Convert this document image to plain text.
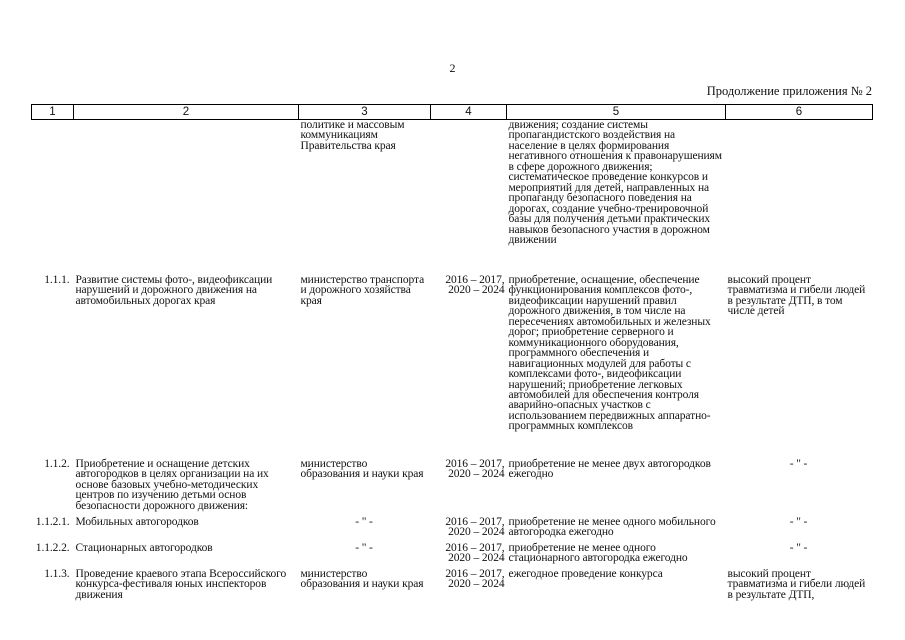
2
Продолжение приложения № 2
1	2	3	4	5	6
		политике и массовым коммуникациям Правительства края		движения; создание системы пропагандистского воздействия на население в целях формирования негативного отношения к правонарушениям в сфере дорожного движения; систематическое проведение конкурсов и мероприятий для детей, направленных на пропаганду безопасного поведения на дорогах, создание учебно-тренировочной базы для получения детьми практических навыков безопасного участия в дорожном движении	
1.1.1.	Развитие системы фото-, видеофиксации нарушений и дорожного движения на автомобильных дорогах края	министерство транспорта и дорожного хозяйства края	2016 – 2017, 2020 – 2024	приобретение, оснащение, обеспечение функционирования комплексов фото-, видеофиксации нарушений правил дорожного движения, в том числе на пересечениях автомобильных и железных дорог; приобретение серверного и коммуникационного оборудования, программного обеспечения и навигационных модулей для работы с комплексами фото-, видеофиксации нарушений; приобретение легковых автомобилей для обеспечения контроля аварийно-опасных участков с использованием передвижных аппаратно-программных комплексов	высокий процент травматизма и гибели людей в результате ДТП, в том числе детей
1.1.2.	Приобретение и оснащение детских автогородков в целях организации на их основе базовых учебно-методических центров по изучению детьми основ безопасности дорожного движения:	министерство образования и науки края	2016 – 2017, 2020 – 2024	приобретение не менее двух автогородков ежегодно	- " -
1.1.2.1.	Мобильных автогородков	- " -	2016 – 2017, 2020 – 2024	приобретение не менее одного мобильного автогородка ежегодно	- " -
1.1.2.2.	Стационарных автогородков	- " -	2016 – 2017, 2020 – 2024	приобретение не менее одного стационарного автогородка ежегодно	- " -
1.1.3.	Проведение краевого этапа Всероссийского конкурса-фестиваля юных инспекторов движения	министерство образования и науки края	2016 – 2017, 2020 – 2024	ежегодное проведение конкурса	высокий процент травматизма и гибели людей в результате ДТП,
